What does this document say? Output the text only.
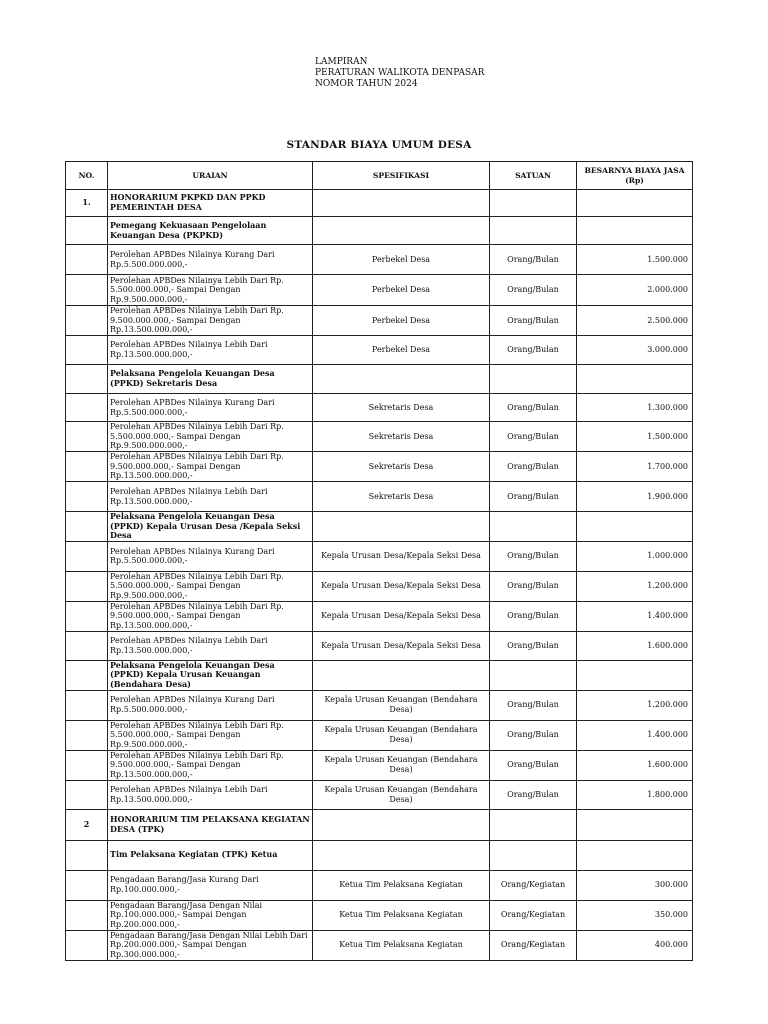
LAMPIRAN
PERATURAN WALIKOTA DENPASAR
NOMOR TAHUN 2024
STANDAR BIAYA UMUM DESA
NO.	URAIAN	SPESIFIKASI	SATUAN	BESARNYA BIAYA JASA (Rp)
1.	HONORARIUM PKPKD DAN PPKD PEMERINTAH DESA			
	Pemegang Kekuasaan Pengelolaan Keuangan Desa (PKPKD)			
	Perolehan APBDes Nilainya Kurang Dari Rp.5.500.000.000,-	Perbekel Desa	Orang/Bulan	1.500.000
	Perolehan APBDes Nilainya Lebih Dari Rp. 5.500.000.000,- Sampai Dengan Rp.9.500.000.000,-	Perbekel Desa	Orang/Bulan	2.000.000
	Perolehan APBDes Nilainya Lebih Dari Rp. 9.500.000.000,- Sampai Dengan Rp.13.500.000.000,-	Perbekel Desa	Orang/Bulan	2.500.000
	Perolehan APBDes Nilainya Lebih Dari Rp.13.500.000.000,-	Perbekel Desa	Orang/Bulan	3.000.000
	Pelaksana Pengelola Keuangan Desa (PPKD) Sekretaris Desa			
	Perolehan APBDes Nilainya Kurang Dari Rp.5.500.000.000,-	Sekretaris Desa	Orang/Bulan	1.300.000
	Perolehan APBDes Nilainya Lebih Dari Rp. 5.500.000.000,- Sampai Dengan Rp.9.500.000.000,-	Sekretaris Desa	Orang/Bulan	1.500.000
	Perolehan APBDes Nilainya Lebih Dari Rp. 9.500.000.000,- Sampai Dengan Rp.13.500.000.000,-	Sekretaris Desa	Orang/Bulan	1.700.000
	Perolehan APBDes Nilainya Lebih Dari Rp.13.500.000.000,-	Sekretaris Desa	Orang/Bulan	1.900.000
	Pelaksana Pengelola Keuangan Desa (PPKD) Kepala Urusan Desa /Kepala Seksi Desa			
	Perolehan APBDes Nilainya Kurang Dari Rp.5.500.000.000,-	Kepala Urusan Desa/Kepala Seksi Desa	Orang/Bulan	1.000.000
	Perolehan APBDes Nilainya Lebih Dari Rp. 5.500.000.000,- Sampai Dengan Rp.9.500.000.000,-	Kepala Urusan Desa/Kepala Seksi Desa	Orang/Bulan	1.200.000
	Perolehan APBDes Nilainya Lebih Dari Rp. 9.500.000.000,- Sampai Dengan Rp.13.500.000.000,-	Kepala Urusan Desa/Kepala Seksi Desa	Orang/Bulan	1.400.000
	Perolehan APBDes Nilainya Lebih Dari Rp.13.500.000.000,-	Kepala Urusan Desa/Kepala Seksi Desa	Orang/Bulan	1.600.000
	Pelaksana Pengelola Keuangan Desa (PPKD) Kepala Urusan Keuangan (Bendahara Desa)			
	Perolehan APBDes Nilainya Kurang Dari Rp.5.500.000.000,-	Kepala Urusan Keuangan (Bendahara Desa)	Orang/Bulan	1.200.000
	Perolehan APBDes Nilainya Lebih Dari Rp. 5.500.000.000,- Sampai Dengan Rp.9.500.000.000,-	Kepala Urusan Keuangan (Bendahara Desa)	Orang/Bulan	1.400.000
	Perolehan APBDes Nilainya Lebih Dari Rp. 9.500.000.000,- Sampai Dengan Rp.13.500.000.000,-	Kepala Urusan Keuangan (Bendahara Desa)	Orang/Bulan	1.600.000
	Perolehan APBDes Nilainya Lebih Dari Rp.13.500.000.000,-	Kepala Urusan Keuangan (Bendahara Desa)	Orang/Bulan	1.800.000
2	HONORARIUM TIM PELAKSANA KEGIATAN DESA (TPK)			
	Tim Pelaksana Kegiatan (TPK) Ketua			
	Pengadaan Barang/Jasa Kurang Dari Rp.100.000.000,-	Ketua Tim Pelaksana Kegiatan	Orang/Kegiatan	300.000
	Pengadaan Barang/Jasa Dengan Nilai Rp.100.000.000,- Sampai Dengan Rp.200.000.000,-	Ketua Tim Pelaksana Kegiatan	Orang/Kegiatan	350.000
	Pengadaan Barang/Jasa Dengan Nilai Lebih Dari Rp.200.000.000,- Sampai Dengan Rp.300.000.000,-	Ketua Tim Pelaksana Kegiatan	Orang/Kegiatan	400.000
